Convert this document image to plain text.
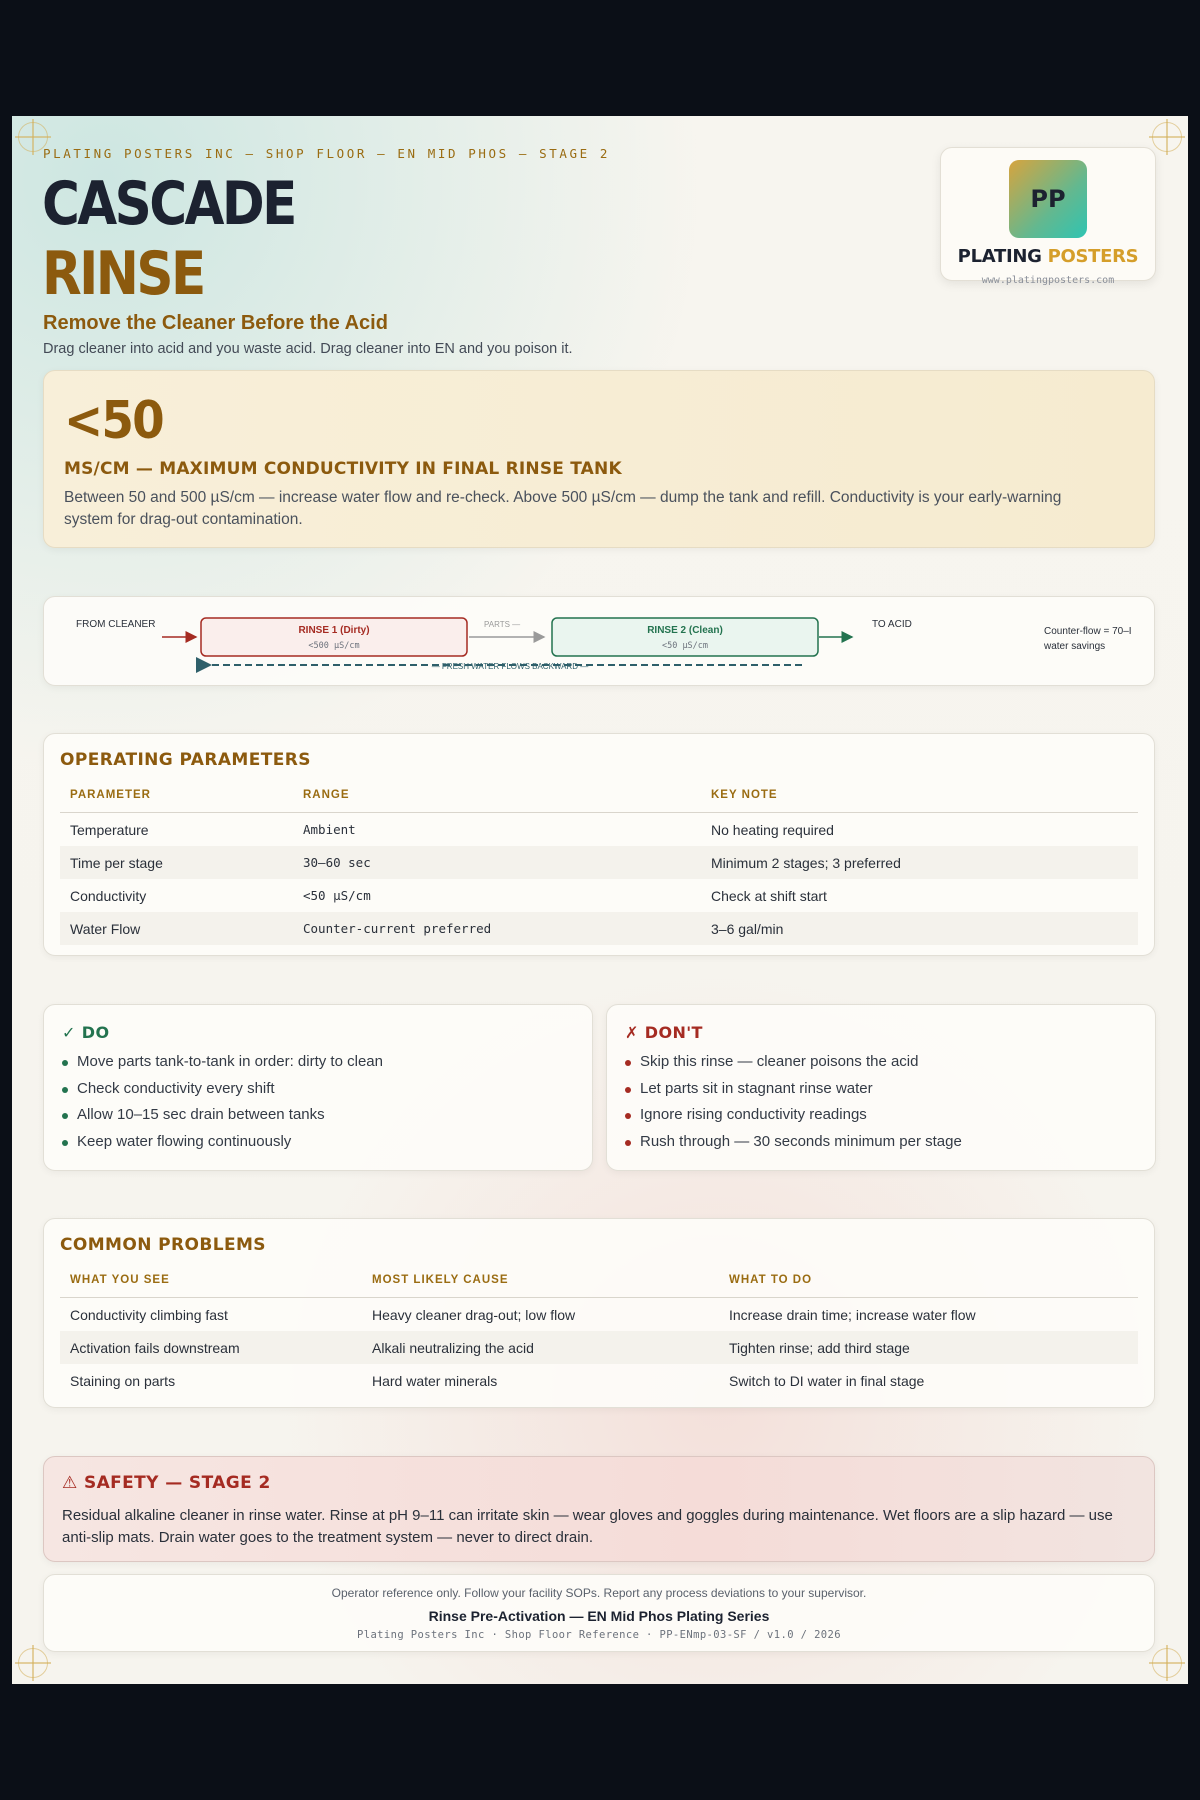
PLATING POSTERS INC — SHOP FLOOR — EN MID PHOS — STAGE 2
CASCADE
RINSE
Remove the Cleaner Before the Acid
Drag cleaner into acid and you waste acid. Drag cleaner into EN and you poison it.
PP
PLATING POSTERS
www.platingposters.com
<50
MS/CM — MAXIMUM CONDUCTIVITY IN FINAL RINSE TANK
Between 50 and 500 µS/cm — increase water flow and re-check. Above 500 µS/cm — dump the tank and refill. Conductivity is your early-warning system for drag-out contamination.
FROM CLEANER
RINSE 1 (Dirty)
<500 µS/cm
PARTS —
RINSE 2 (Clean)
<50 µS/cm
TO ACID
— FRESH WATER FLOWS BACKWARD —
Counter-flow = 70–I
water savings
OPERATING PARAMETERS
PARAMETER	RANGE	KEY NOTE
Temperature	Ambient	No heating required
Time per stage	30–60 sec	Minimum 2 stages; 3 preferred
Conductivity	<50 µS/cm	Check at shift start
Water Flow	Counter-current preferred	3–6 gal/min
✓ DO
Move parts tank-to-tank in order: dirty to clean
Check conductivity every shift
Allow 10–15 sec drain between tanks
Keep water flowing continuously
✗ DON'T
Skip this rinse — cleaner poisons the acid
Let parts sit in stagnant rinse water
Ignore rising conductivity readings
Rush through — 30 seconds minimum per stage
COMMON PROBLEMS
WHAT YOU SEE	MOST LIKELY CAUSE	WHAT TO DO
Conductivity climbing fast	Heavy cleaner drag-out; low flow	Increase drain time; increase water flow
Activation fails downstream	Alkali neutralizing the acid	Tighten rinse; add third stage
Staining on parts	Hard water minerals	Switch to DI water in final stage
⚠ SAFETY — STAGE 2
Residual alkaline cleaner in rinse water. Rinse at pH 9–11 can irritate skin — wear gloves and goggles during maintenance. Wet floors are a slip hazard — use anti-slip mats. Drain water goes to the treatment system — never to direct drain.
Operator reference only. Follow your facility SOPs. Report any process deviations to your supervisor.
Rinse Pre-Activation — EN Mid Phos Plating Series
Plating Posters Inc · Shop Floor Reference · PP-ENmp-03-SF / v1.0 / 2026
